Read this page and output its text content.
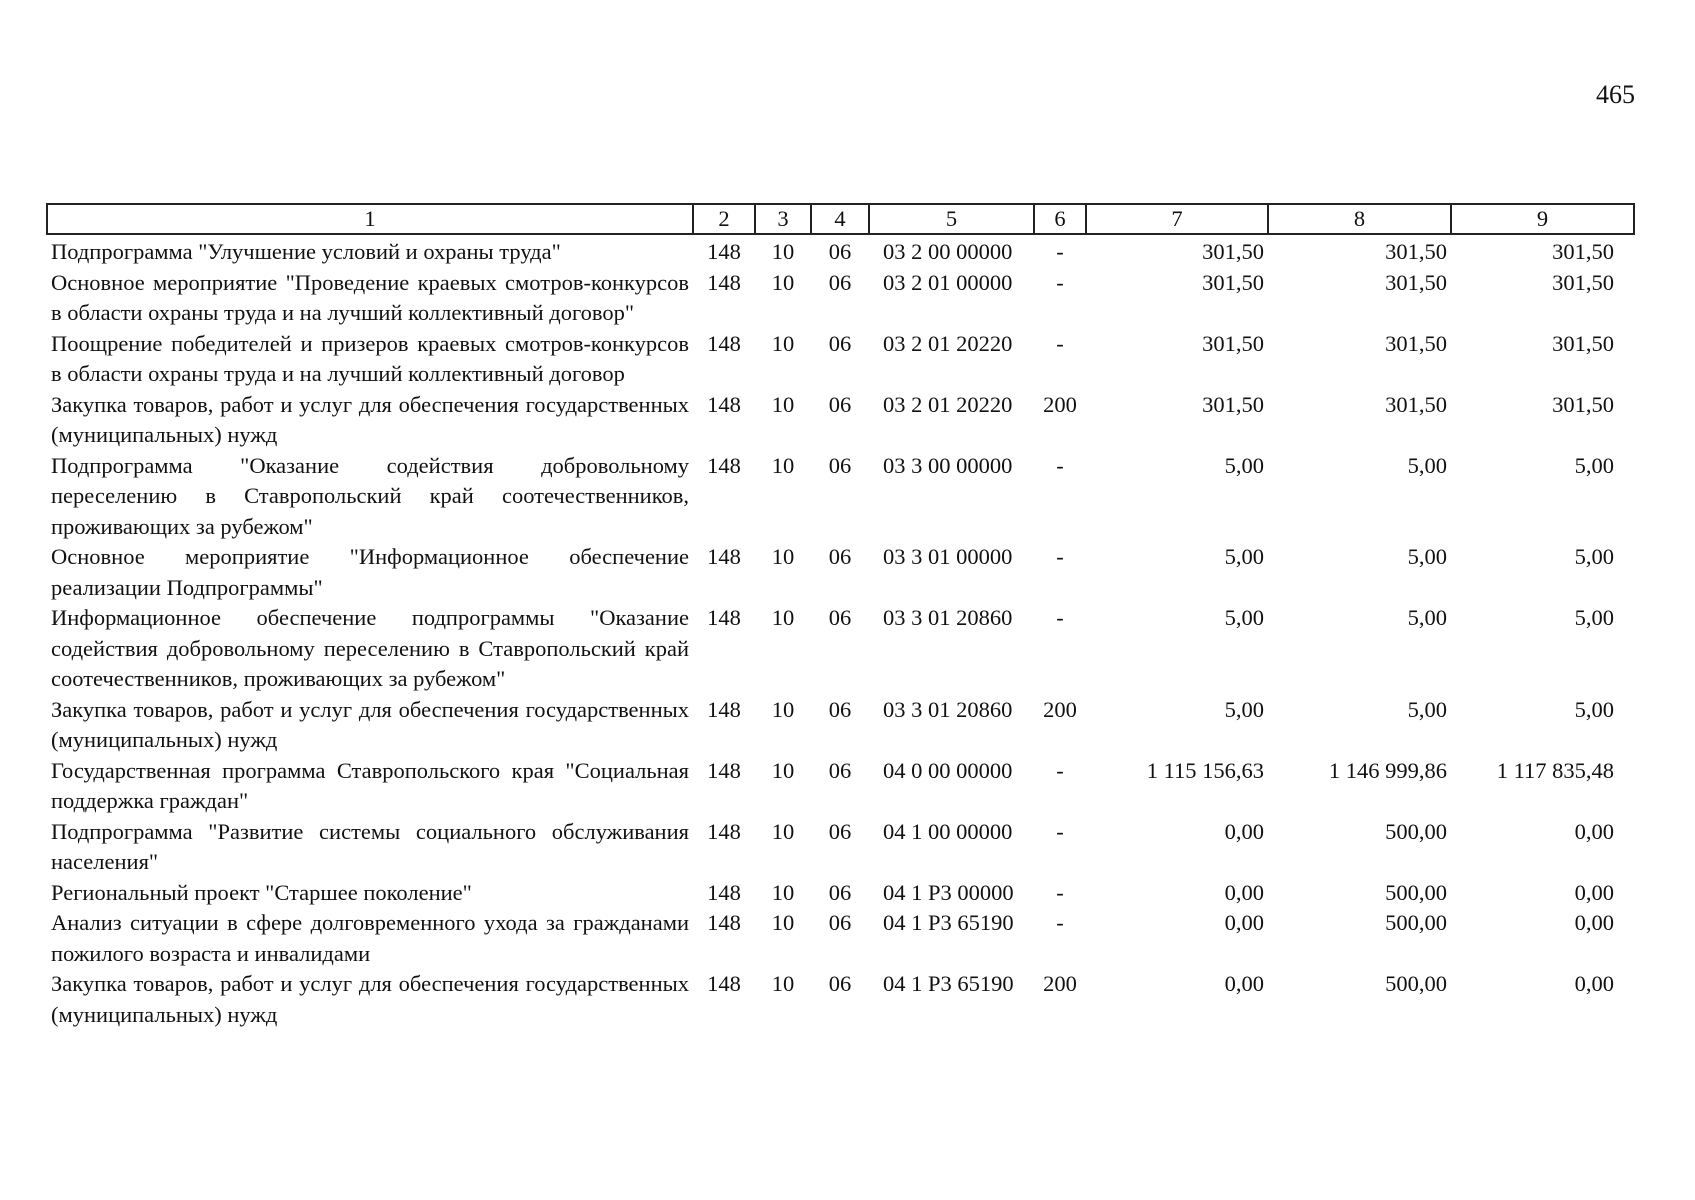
465
1	2	3	4	5	6	7	8	9
Подпрограмма "Улучшение условий и охраны труда"	148	10	06	03 2 00 00000	-	301,50	301,50	301,50
Основное мероприятие "Проведение краевых смотров-конкурсов в области охраны труда и на лучший коллективный договор"	148	10	06	03 2 01 00000	-	301,50	301,50	301,50
Поощрение победителей и призеров краевых смотров-конкурсов в области охраны труда и на лучший коллективный договор	148	10	06	03 2 01 20220	-	301,50	301,50	301,50
Закупка товаров, работ и услуг для обеспечения государственных (муниципальных) нужд	148	10	06	03 2 01 20220	200	301,50	301,50	301,50
Подпрограмма "Оказание содействия добровольному переселению в Ставропольский край соотечественников, проживающих за рубежом"	148	10	06	03 3 00 00000	-	5,00	5,00	5,00
Основное мероприятие "Информационное обеспечение реализации Подпрограммы"	148	10	06	03 3 01 00000	-	5,00	5,00	5,00
Информационное обеспечение подпрограммы "Оказание содействия добровольному переселению в Ставропольский край соотечественников, проживающих за рубежом"	148	10	06	03 3 01 20860	-	5,00	5,00	5,00
Закупка товаров, работ и услуг для обеспечения государственных (муниципальных) нужд	148	10	06	03 3 01 20860	200	5,00	5,00	5,00
Государственная программа Ставропольского края "Социальная поддержка граждан"	148	10	06	04 0 00 00000	-	1 115 156,63	1 146 999,86	1 117 835,48
Подпрограмма "Развитие системы социального обслуживания населения"	148	10	06	04 1 00 00000	-	0,00	500,00	0,00
Региональный проект "Старшее поколение"	148	10	06	04 1 P3 00000	-	0,00	500,00	0,00
Анализ ситуации в сфере долговременного ухода за гражданами пожилого возраста и инвалидами	148	10	06	04 1 P3 65190	-	0,00	500,00	0,00
Закупка товаров, работ и услуг для обеспечения государственных (муниципальных) нужд	148	10	06	04 1 P3 65190	200	0,00	500,00	0,00
